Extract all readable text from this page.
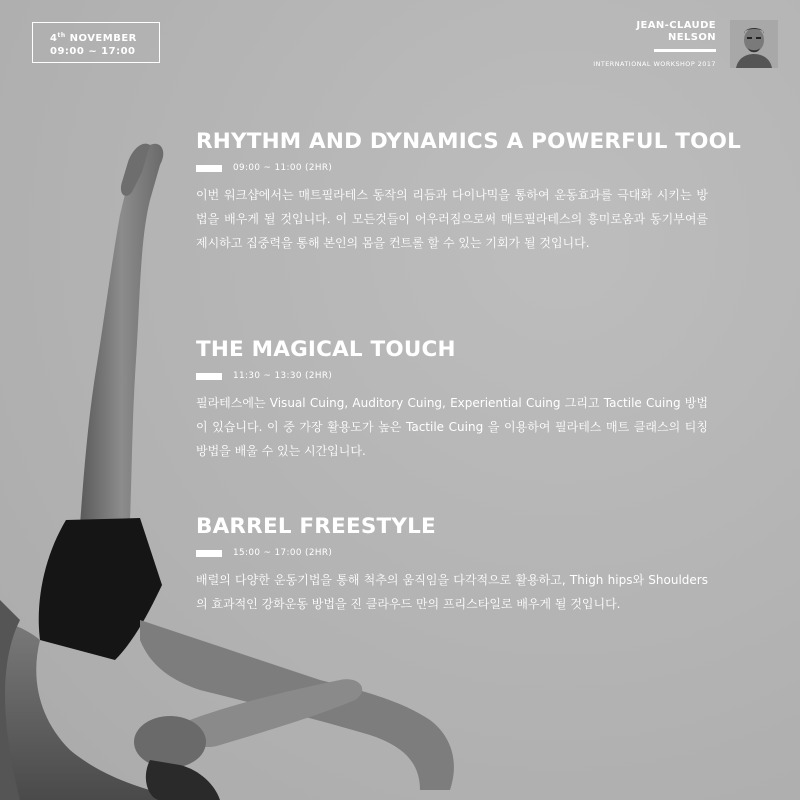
4th NOVEMBER
09:00 ~ 17:00
JEAN-CLAUDE
NELSON
INTERNATIONAL WORKSHOP 2017
RHYTHM AND DYNAMICS A POWERFUL TOOL
09:00 ~ 11:00 (2HR)
이번 워크샵에서는 매트필라테스 동작의 리듬과 다이나믹을 통하여 운동효과를 극대화 시키는 방법을 배우게 될 것입니다. 이 모든것들이 어우러짐으로써 매트필라테스의 흥미로움과 동기부여를 제시하고 집중력을 통해 본인의 몸을 컨트롤 할 수 있는 기회가 될 것입니다.
THE MAGICAL TOUCH
11:30 ~ 13:30 (2HR)
필라테스에는 Visual Cuing, Auditory Cuing, Experiential Cuing 그리고 Tactile Cuing 방법이 있습니다. 이 중 가장 활용도가 높은 Tactile Cuing 을 이용하여 필라테스 매트 클래스의 티칭 방법을 배울 수 있는 시간입니다.
BARREL FREESTYLE
15:00 ~ 17:00 (2HR)
배럴의 다양한 운동기법을 통해 척추의 움직임을 다각적으로 활용하고, Thigh hips와 Shoulders 의 효과적인 강화운동 방법을 진 클라우드 만의 프리스타일로 배우게 될 것입니다.
